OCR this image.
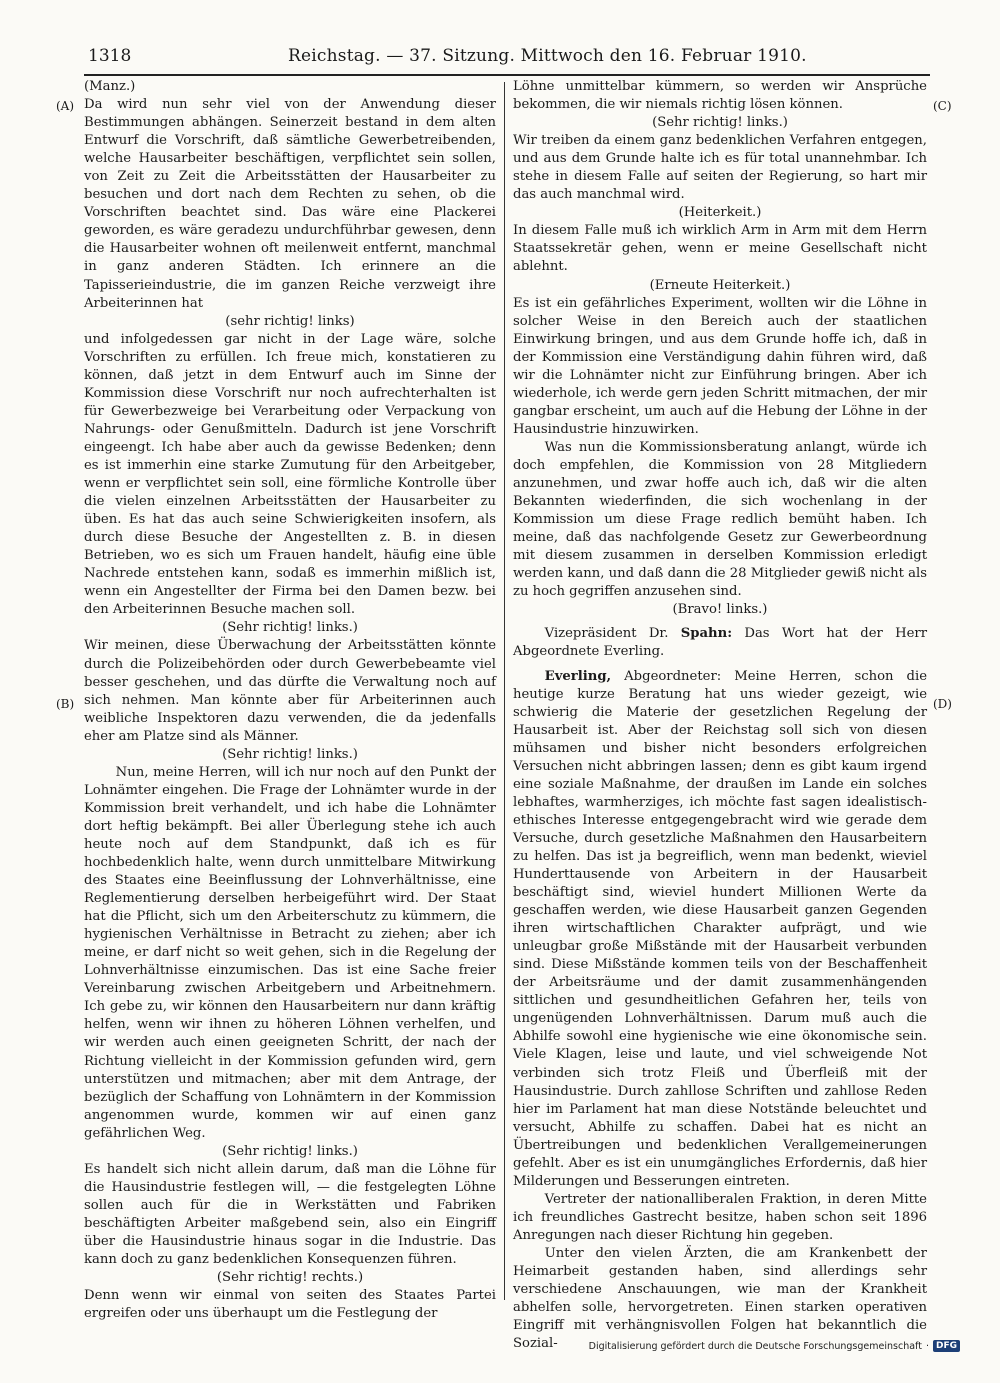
1318	Reichstag. — 37. Sitzung. Mittwoch den 16. Februar 1910.
(A)
(B)
(C)
(D)

(Manz.)

Da wird nun sehr viel von der Anwendung dieser Bestimmungen abhängen. Seinerzeit bestand in dem alten Entwurf die Vorschrift, daß sämtliche Gewerbetreibenden, welche Hausarbeiter beschäftigen, verpflichtet sein sollen, von Zeit zu Zeit die Arbeitsstätten der Hausarbeiter zu besuchen und dort nach dem Rechten zu sehen, ob die Vorschriften beachtet sind. Das wäre eine Plackerei geworden, es wäre geradezu undurchführbar gewesen, denn die Hausarbeiter wohnen oft meilenweit entfernt, manchmal in ganz anderen Städten. Ich erinnere an die Tapisserieindustrie, die im ganzen Reiche verzweigt ihre Arbeiterinnen hat

(sehr richtig! links)

und infolgedessen gar nicht in der Lage wäre, solche Vorschriften zu erfüllen. Ich freue mich, konstatieren zu können, daß jetzt in dem Entwurf auch im Sinne der Kommission diese Vorschrift nur noch aufrechterhalten ist für Gewerbezweige bei Verarbeitung oder Verpackung von Nahrungs- oder Genußmitteln. Dadurch ist jene Vorschrift eingeengt. Ich habe aber auch da gewisse Bedenken; denn es ist immerhin eine starke Zumutung für den Arbeitgeber, wenn er verpflichtet sein soll, eine förmliche Kontrolle über die vielen einzelnen Arbeitsstätten der Hausarbeiter zu üben. Es hat das auch seine Schwierigkeiten insofern, als durch diese Besuche der Angestellten z. B. in diesen Betrieben, wo es sich um Frauen handelt, häufig eine üble Nachrede entstehen kann, sodaß es immerhin mißlich ist, wenn ein Angestellter der Firma bei den Damen bezw. bei den Arbeiterinnen Besuche machen soll.

(Sehr richtig! links.)

Wir meinen, diese Überwachung der Arbeitsstätten könnte durch die Polizeibehörden oder durch Gewerbebeamte viel besser geschehen, und das dürfte die Verwaltung noch auf sich nehmen. Man könnte aber für Arbeiterinnen auch weibliche Inspektoren dazu verwenden, die da jedenfalls eher am Platze sind als Männer.

(Sehr richtig! links.)

Nun, meine Herren, will ich nur noch auf den Punkt der Lohnämter eingehen. Die Frage der Lohnämter wurde in der Kommission breit verhandelt, und ich habe die Lohnämter dort heftig bekämpft. Bei aller Überlegung stehe ich auch heute noch auf dem Standpunkt, daß ich es für hochbedenklich halte, wenn durch unmittelbare Mitwirkung des Staates eine Beeinflussung der Lohnverhältnisse, eine Reglementierung derselben herbeigeführt wird. Der Staat hat die Pflicht, sich um den Arbeiterschutz zu kümmern, die hygienischen Verhältnisse in Betracht zu ziehen; aber ich meine, er darf nicht so weit gehen, sich in die Regelung der Lohnverhältnisse einzumischen. Das ist eine Sache freier Vereinbarung zwischen Arbeitgebern und Arbeitnehmern. Ich gebe zu, wir können den Hausarbeitern nur dann kräftig helfen, wenn wir ihnen zu höheren Löhnen verhelfen, und wir werden auch einen geeigneten Schritt, der nach der Richtung vielleicht in der Kommission gefunden wird, gern unterstützen und mitmachen; aber mit dem Antrage, der bezüglich der Schaffung von Lohnämtern in der Kommission angenommen wurde, kommen wir auf einen ganz gefährlichen Weg.

(Sehr richtig! links.)

Es handelt sich nicht allein darum, daß man die Löhne für die Hausindustrie festlegen will, — die festgelegten Löhne sollen auch für die in Werkstätten und Fabriken beschäftigten Arbeiter maßgebend sein, also ein Eingriff über die Hausindustrie hinaus sogar in die Industrie. Das kann doch zu ganz bedenklichen Konsequenzen führen.

(Sehr richtig! rechts.)

Denn wenn wir einmal von seiten des Staates Partei ergreifen oder uns überhaupt um die Festlegung der

Löhne unmittelbar kümmern, so werden wir Ansprüche bekommen, die wir niemals richtig lösen können.

(Sehr richtig! links.)

Wir treiben da einem ganz bedenklichen Verfahren entgegen, und aus dem Grunde halte ich es für total unannehmbar. Ich stehe in diesem Falle auf seiten der Regierung, so hart mir das auch manchmal wird.

(Heiterkeit.)

In diesem Falle muß ich wirklich Arm in Arm mit dem Herrn Staatssekretär gehen, wenn er meine Gesellschaft nicht ablehnt.

(Erneute Heiterkeit.)

Es ist ein gefährliches Experiment, wollten wir die Löhne in solcher Weise in den Bereich auch der staatlichen Einwirkung bringen, und aus dem Grunde hoffe ich, daß in der Kommission eine Verständigung dahin führen wird, daß wir die Lohnämter nicht zur Einführung bringen. Aber ich wiederhole, ich werde gern jeden Schritt mitmachen, der mir gangbar erscheint, um auch auf die Hebung der Löhne in der Hausindustrie hinzuwirken.

Was nun die Kommissionsberatung anlangt, würde ich doch empfehlen, die Kommission von 28 Mitgliedern anzunehmen, und zwar hoffe auch ich, daß wir die alten Bekannten wiederfinden, die sich wochenlang in der Kommission um diese Frage redlich bemüht haben. Ich meine, daß das nachfolgende Gesetz zur Gewerbeordnung mit diesem zusammen in derselben Kommission erledigt werden kann, und daß dann die 28 Mitglieder gewiß nicht als zu hoch gegriffen anzusehen sind.

(Bravo! links.)

Vizepräsident Dr. Spahn: Das Wort hat der Herr Abgeordnete Everling.

Everling, Abgeordneter: Meine Herren, schon die heutige kurze Beratung hat uns wieder gezeigt, wie schwierig die Materie der gesetzlichen Regelung der Hausarbeit ist. Aber der Reichstag soll sich von diesen mühsamen und bisher nicht besonders erfolgreichen Versuchen nicht abbringen lassen; denn es gibt kaum irgend eine soziale Maßnahme, der draußen im Lande ein solches lebhaftes, warmherziges, ich möchte fast sagen idealistisch-ethisches Interesse entgegengebracht wird wie gerade dem Versuche, durch gesetzliche Maßnahmen den Hausarbeitern zu helfen. Das ist ja begreiflich, wenn man bedenkt, wieviel Hunderttausende von Arbeitern in der Hausarbeit beschäftigt sind, wieviel hundert Millionen Werte da geschaffen werden, wie diese Hausarbeit ganzen Gegenden ihren wirtschaftlichen Charakter aufprägt, und wie unleugbar große Mißstände mit der Hausarbeit verbunden sind. Diese Mißstände kommen teils von der Beschaffenheit der Arbeitsräume und der damit zusammenhängenden sittlichen und gesundheitlichen Gefahren her, teils von ungenügenden Lohnverhältnissen. Darum muß auch die Abhilfe sowohl eine hygienische wie eine ökonomische sein. Viele Klagen, leise und laute, und viel schweigende Not verbinden sich trotz Fleiß und Überfleiß mit der Hausindustrie. Durch zahllose Schriften und zahllose Reden hier im Parlament hat man diese Notstände beleuchtet und versucht, Abhilfe zu schaffen. Dabei hat es nicht an Übertreibungen und bedenklichen Verallgemeinerungen gefehlt. Aber es ist ein unumgängliches Erfordernis, daß hier Milderungen und Besserungen eintreten.

Vertreter der nationalliberalen Fraktion, in deren Mitte ich freundliches Gastrecht besitze, haben schon seit 1896 Anregungen nach dieser Richtung hin gegeben.

Unter den vielen Ärzten, die am Krankenbett der Heimarbeit gestanden haben, sind allerdings sehr verschiedene Anschauungen, wie man der Krankheit abhelfen solle, hervorgetreten. Einen starken operativen Eingriff mit verhängnisvollen Folgen hat bekanntlich die Sozial-	Digitalisierung gefördert durch die Deutsche Forschungsgemeinschaft · DFG
